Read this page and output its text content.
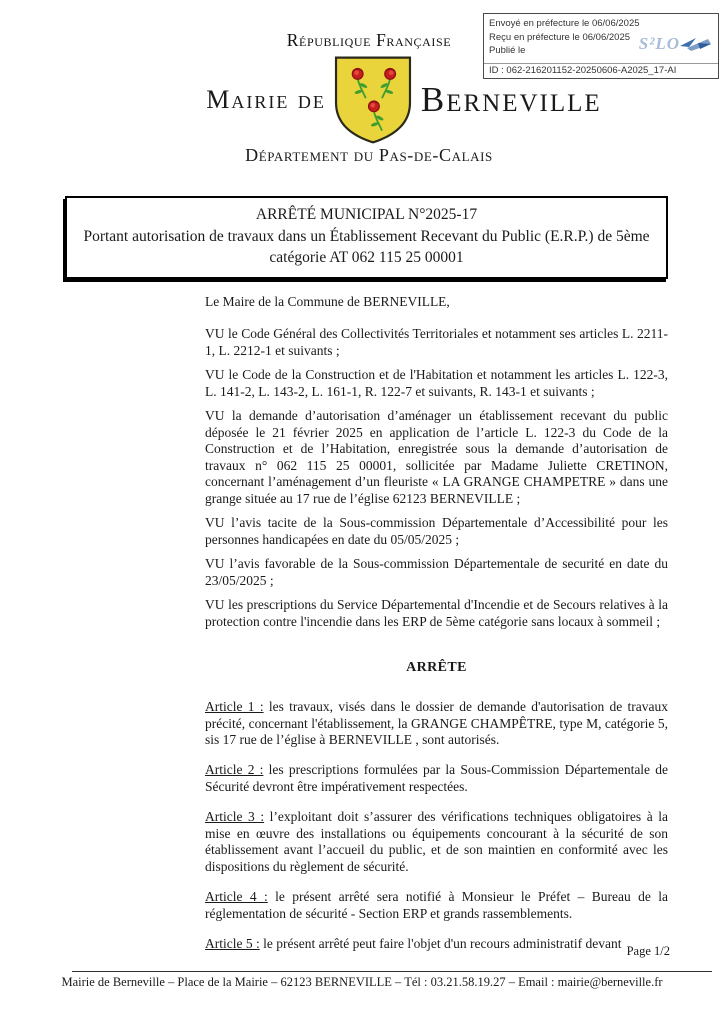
Envoyé en préfecture le 06/06/2025
Reçu en préfecture le 06/06/2025
Publié le	S²LO
ID : 062-216201152-20250606-A2025_17-AI
République Française
Mairie de	Berneville
Département du Pas-de-Calais
ARRÊTÉ MUNICIPAL N°2025-17
Portant autorisation de travaux dans un Établissement Recevant du Public (E.R.P.) de 5ème catégorie AT 062 115 25 00001

Le Maire de la Commune de BERNEVILLE,

VU le Code Général des Collectivités Territoriales et notamment ses articles L. 2211-1, L. 2212-1 et suivants ;

VU le Code de la Construction et de l'Habitation et notamment les articles L. 122-3, L. 141-2, L. 143-2, L. 161-1, R. 122-7 et suivants, R. 143-1 et suivants ;

VU la demande d’autorisation d’aménager un établissement recevant du public déposée le 21 février 2025 en application de l’article L. 122-3 du Code de la Construction et de l’Habitation, enregistrée sous la demande d’autorisation de travaux n° 062 115 25 00001, sollicitée par Madame Juliette CRETINON, concernant l’aménagement d’un fleuriste « LA GRANGE CHAMPETRE » dans une grange située au 17 rue de l’église 62123 BERNEVILLE ;

VU l’avis tacite de la Sous-commission Départementale d’Accessibilité pour les personnes handicapées en date du 05/05/2025 ;

VU l’avis favorable de la Sous-commission Départementale de securité en date du 23/05/2025 ;

VU les prescriptions du Service Départemental d'Incendie et de Secours relatives à la protection contre l'incendie dans les ERP de 5ème catégorie sans locaux à sommeil ;

ARRÊTE

Article 1 : les travaux, visés dans le dossier de demande d'autorisation de travaux précité, concernant l'établissement, la GRANGE CHAMPÊTRE, type M, catégorie 5, sis 17 rue de l’église à BERNEVILLE , sont autorisés.

Article 2 : les prescriptions formulées par la Sous-Commission Départementale de Sécurité devront être impérativement respectées.

Article 3 : l’exploitant doit s’assurer des vérifications techniques obligatoires à la mise en œuvre des installations ou équipements concourant à la sécurité de son établissement avant l’accueil du public, et de son maintien en conformité avec les dispositions du règlement de sécurité.

Article 4 : le présent arrêté sera notifié à Monsieur le Préfet – Bureau de la réglementation de sécurité - Section ERP et grands rassemblements.

Article 5 : le présent arrêté peut faire l'objet d'un recours administratif devant Page 1/2
Mairie de Berneville – Place de la Mairie – 62123 BERNEVILLE – Tél : 03.21.58.19.27 – Email : mairie@berneville.fr
